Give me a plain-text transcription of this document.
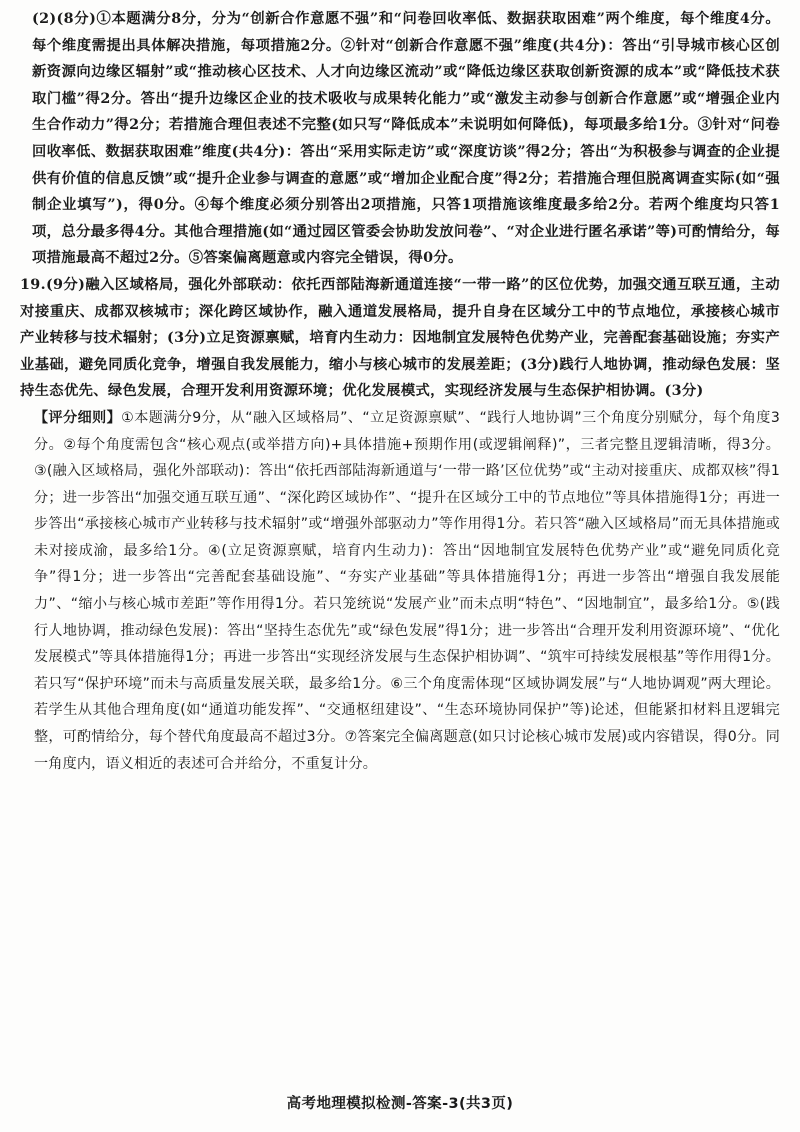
(2)(8分)①本题满分8分，分为“创新合作意愿不强”和“问卷回收率低、数据获取困难”两个维度，每个维度4分。每个维度需提出具体解决措施，每项措施2分。②针对“创新合作意愿不强”维度(共4分)：答出“引导城市核心区创新资源向边缘区辐射”或“推动核心区技术、人才向边缘区流动”或“降低边缘区获取创新资源的成本”或“降低技术获取门槛”得2分。答出“提升边缘区企业的技术吸收与成果转化能力”或“激发主动参与创新合作意愿”或“增强企业内生合作动力”得2分；若措施合理但表述不完整(如只写“降低成本”未说明如何降低)，每项最多给1分。③针对“问卷回收率低、数据获取困难”维度(共4分)：答出“采用实际走访”或“深度访谈”得2分；答出“为积极参与调查的企业提供有价值的信息反馈”或“提升企业参与调查的意愿”或“增加企业配合度”得2分；若措施合理但脱离调查实际(如“强制企业填写”)，得0分。④每个维度必须分别答出2项措施，只答1项措施该维度最多给2分。若两个维度均只答1项，总分最多得4分。其他合理措施(如“通过园区管委会协助发放问卷”、“对企业进行匿名承诺”等)可酌情给分，每项措施最高不超过2分。⑤答案偏离题意或内容完全错误，得0分。

19.(9分)融入区域格局，强化外部联动：依托西部陆海新通道连接“一带一路”的区位优势，加强交通互联互通，主动对接重庆、成都双核城市；深化跨区域协作，融入通道发展格局，提升自身在区域分工中的节点地位，承接核心城市产业转移与技术辐射；(3分)立足资源禀赋，培育内生动力：因地制宜发展特色优势产业，完善配套基础设施；夯实产业基础，避免同质化竞争，增强自我发展能力，缩小与核心城市的发展差距；(3分)践行人地协调，推动绿色发展：坚持生态优先、绿色发展，合理开发利用资源环境；优化发展模式，实现经济发展与生态保护相协调。(3分)

【评分细则】①本题满分9分，从“融入区域格局”、“立足资源禀赋”、“践行人地协调”三个角度分别赋分，每个角度3分。②每个角度需包含“核心观点(或举措方向)+具体措施+预期作用(或逻辑阐释)”，三者完整且逻辑清晰，得3分。③(融入区域格局，强化外部联动)：答出“依托西部陆海新通道与‘一带一路’区位优势”或“主动对接重庆、成都双核”得1分；进一步答出“加强交通互联互通”、“深化跨区域协作”、“提升在区域分工中的节点地位”等具体措施得1分；再进一步答出“承接核心城市产业转移与技术辐射”或“增强外部驱动力”等作用得1分。若只答“融入区域格局”而无具体措施或未对接成渝，最多给1分。④(立足资源禀赋，培育内生动力)：答出“因地制宜发展特色优势产业”或“避免同质化竞争”得1分；进一步答出“完善配套基础设施”、“夯实产业基础”等具体措施得1分；再进一步答出“增强自我发展能力”、“缩小与核心城市差距”等作用得1分。若只笼统说“发展产业”而未点明“特色”、“因地制宜”，最多给1分。⑤(践行人地协调，推动绿色发展)：答出“坚持生态优先”或“绿色发展”得1分；进一步答出“合理开发利用资源环境”、“优化发展模式”等具体措施得1分；再进一步答出“实现经济发展与生态保护相协调”、“筑牢可持续发展根基”等作用得1分。若只写“保护环境”而未与高质量发展关联，最多给1分。⑥三个角度需体现“区域协调发展”与“人地协调观”两大理论。若学生从其他合理角度(如“通道功能发挥”、“交通枢纽建设”、“生态环境协同保护”等)论述，但能紧扣材料且逻辑完整，可酌情给分，每个替代角度最高不超过3分。⑦答案完全偏离题意(如只讨论核心城市发展)或内容错误，得0分。同一角度内，语义相近的表述可合并给分，不重复计分。

高考地理模拟检测-答案-3(共3页)
